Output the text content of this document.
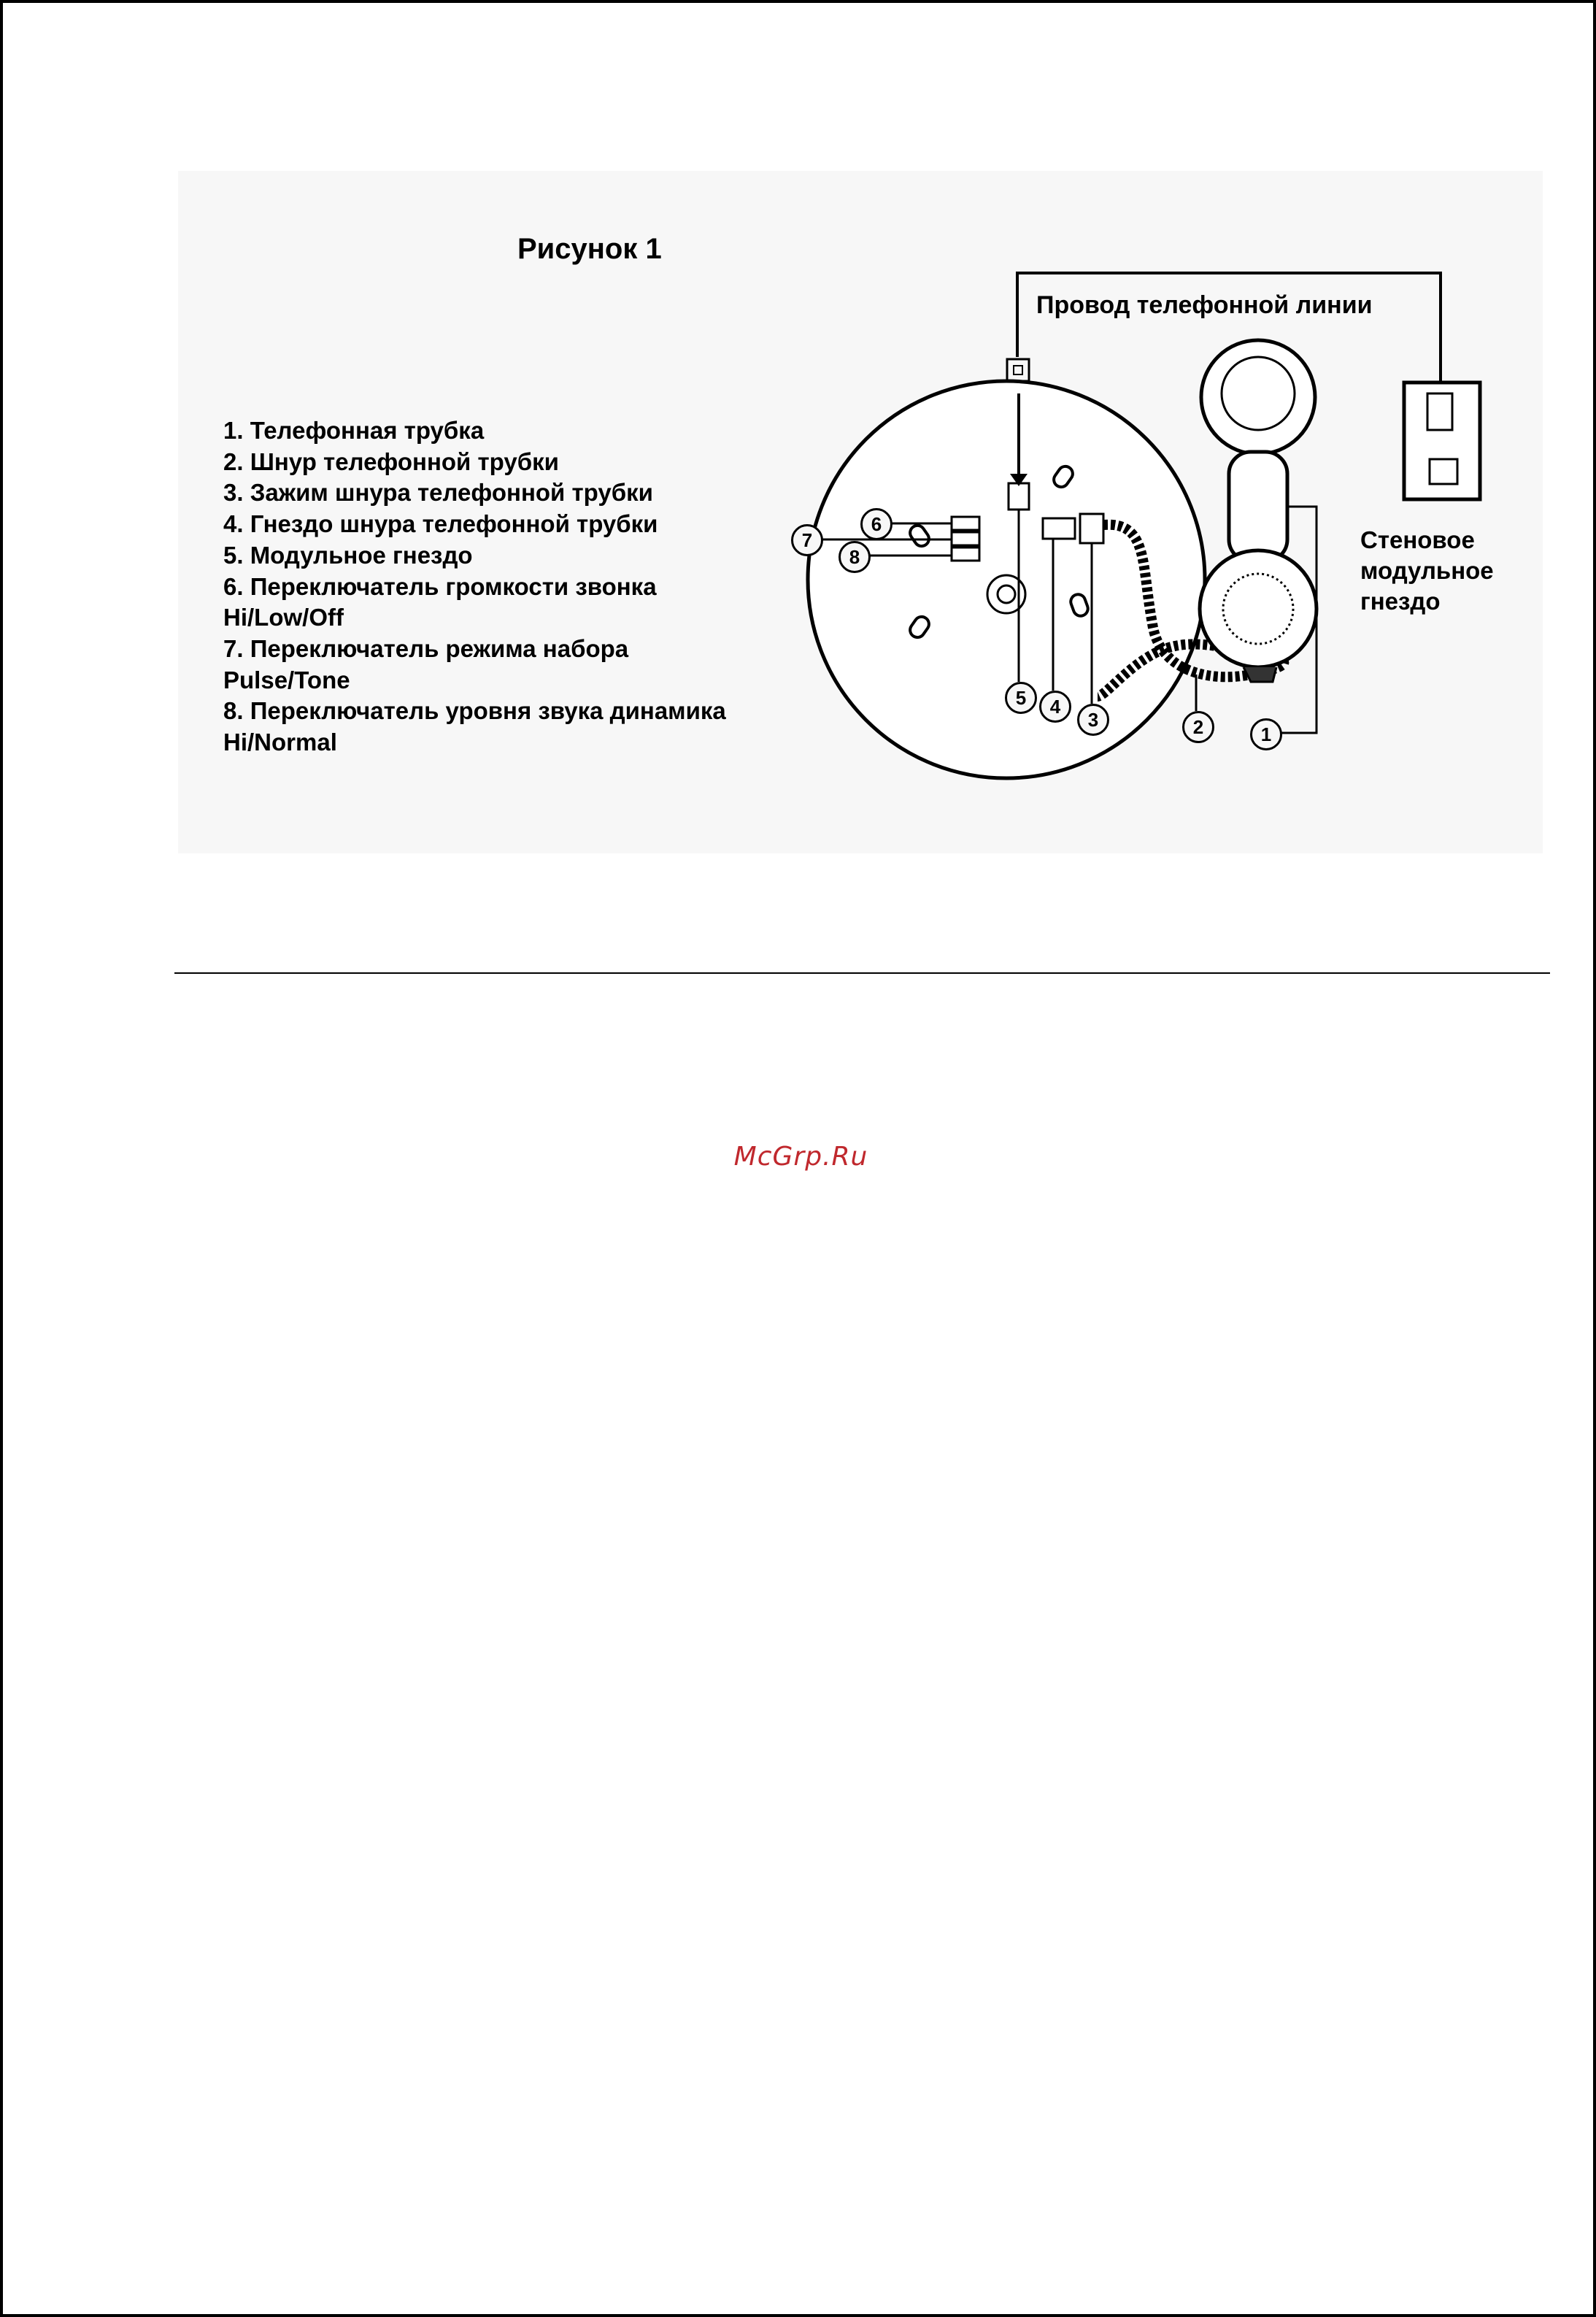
Рисунок 1
1. Телефонная трубка
2. Шнур телефонной трубки
3. Зажим шнура телефонной трубки
4. Гнездо шнура телефонной трубки
5. Модульное гнездо
6. Переключатель громкости звонка
Hi/Low/Off
7. Переключатель режима набора
Pulse/Tone
8. Переключатель уровня звука динамика
Hi/Normal
Провод телефонной линии
Стеновое
модульное
гнездо
1
2
3
4
5
6
7
8
McGrp.Ru
